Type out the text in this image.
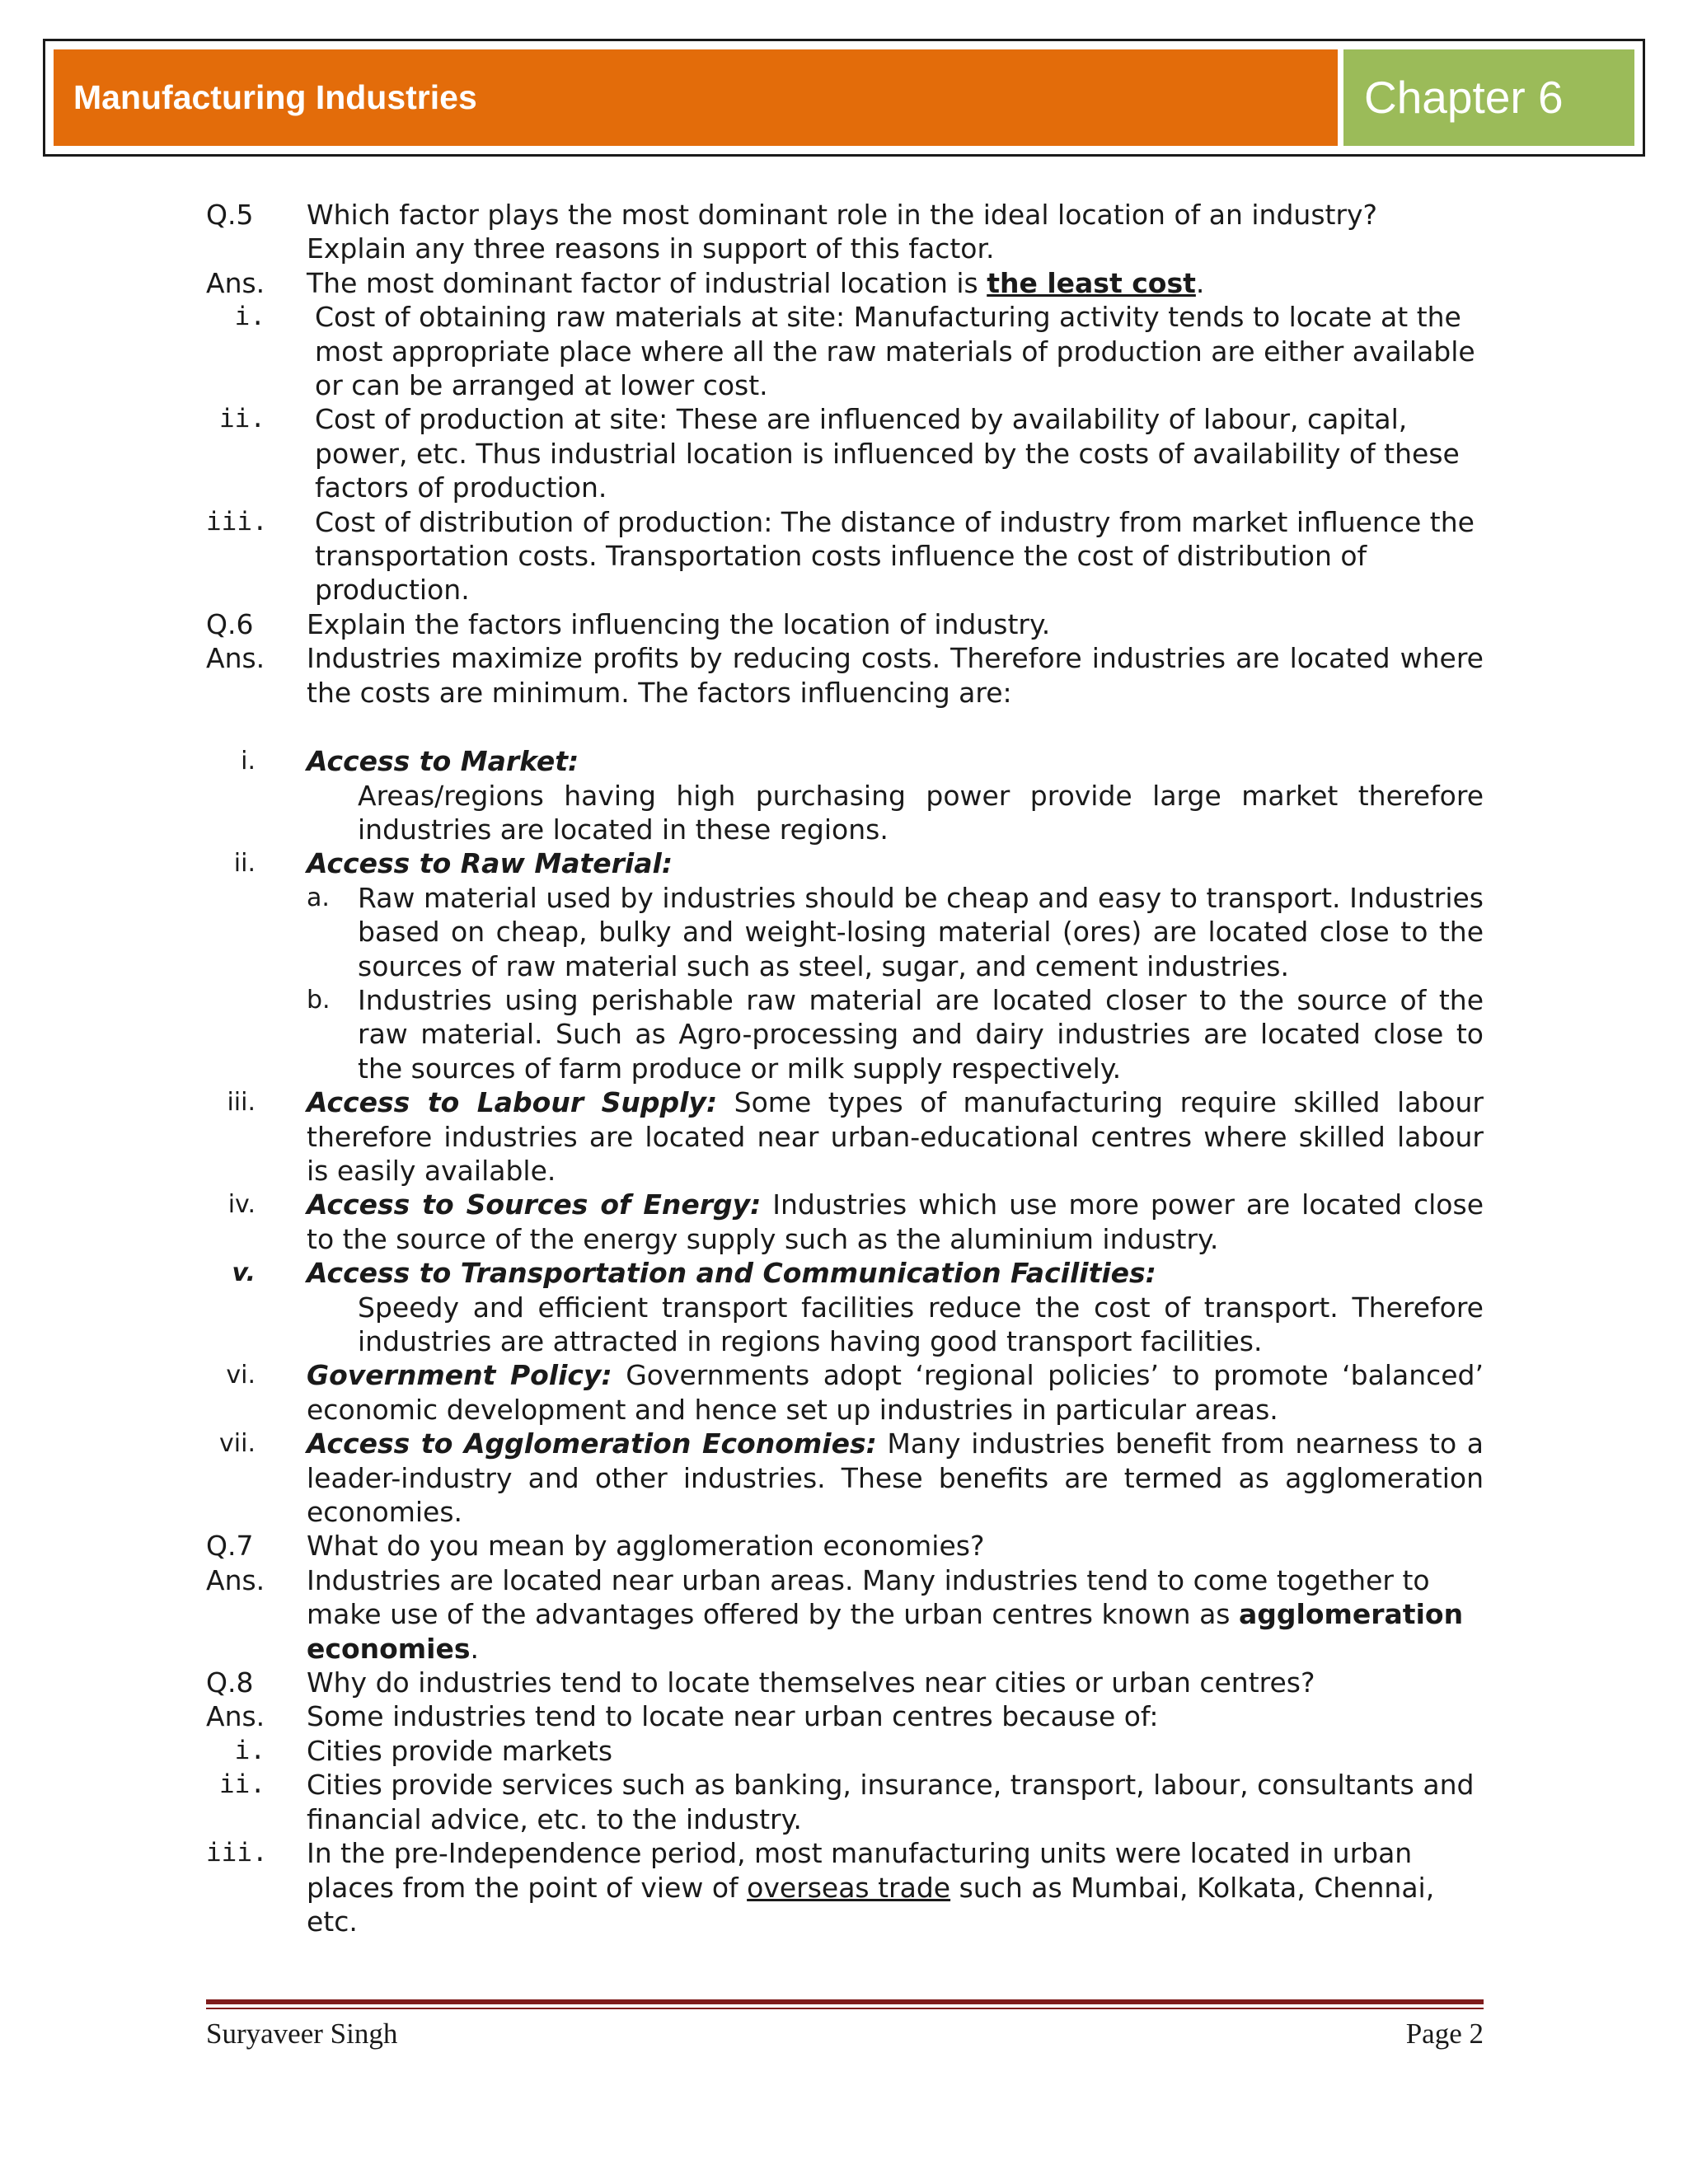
Manufacturing Industries	Chapter 6
Q.5	Which factor plays the most dominant role in the ideal location of an industry? Explain any three reasons in support of this factor.
Ans.	The most dominant factor of industrial location is the least cost.
i.	Cost of obtaining raw materials at site: Manufacturing activity tends to locate at the most appropriate place where all the raw materials of production are either available or can be arranged at lower cost.
ii.	Cost of production at site: These are influenced by availability of labour, capital, power, etc. Thus industrial location is influenced by the costs of availability of these factors of production.
iii.	Cost of distribution of production: The distance of industry from market influence the transportation costs. Transportation costs influence the cost of distribution of production.
Q.6	Explain the factors influencing the location of industry.
Ans.	Industries maximize profits by reducing costs. Therefore industries are located where the costs are minimum. The factors influencing are:
i.	Access to Market:
Areas/regions having high purchasing power provide large market therefore industries are located in these regions.
ii.	Access to Raw Material:
a.	Raw material used by industries should be cheap and easy to transport. Industries based on cheap, bulky and weight-losing material (ores) are located close to the sources of raw material such as steel, sugar, and cement industries.
b.	Industries using perishable raw material are located closer to the source of the raw material. Such as Agro-processing and dairy industries are located close to the sources of farm produce or milk supply respectively.
iii.	Access to Labour Supply: Some types of manufacturing require skilled labour therefore industries are located near urban-educational centres where skilled labour is easily available.
iv.	Access to Sources of Energy: Industries which use more power are located close to the source of the energy supply such as the aluminium industry.
v.	Access to Transportation and Communication Facilities:
Speedy and efficient transport facilities reduce the cost of transport. Therefore industries are attracted in regions having good transport facilities.
vi.	Government Policy: Governments adopt ‘regional policies’ to promote ‘balanced’ economic development and hence set up industries in particular areas.
vii.	Access to Agglomeration Economies: Many industries benefit from nearness to a leader-industry and other industries. These benefits are termed as agglomeration economies.
Q.7	What do you mean by agglomeration economies?
Ans.	Industries are located near urban areas. Many industries tend to come together to make use of the advantages offered by the urban centres known as agglomeration economies.
Q.8	Why do industries tend to locate themselves near cities or urban centres?
Ans.	Some industries tend to locate near urban centres because of:
i.	Cities provide markets
ii.	Cities provide services such as banking, insurance, transport, labour, consultants and financial advice, etc. to the industry.
iii.	In the pre-Independence period, most manufacturing units were located in urban places from the point of view of overseas trade such as Mumbai, Kolkata, Chennai, etc.
Suryaveer Singh	Page 2
